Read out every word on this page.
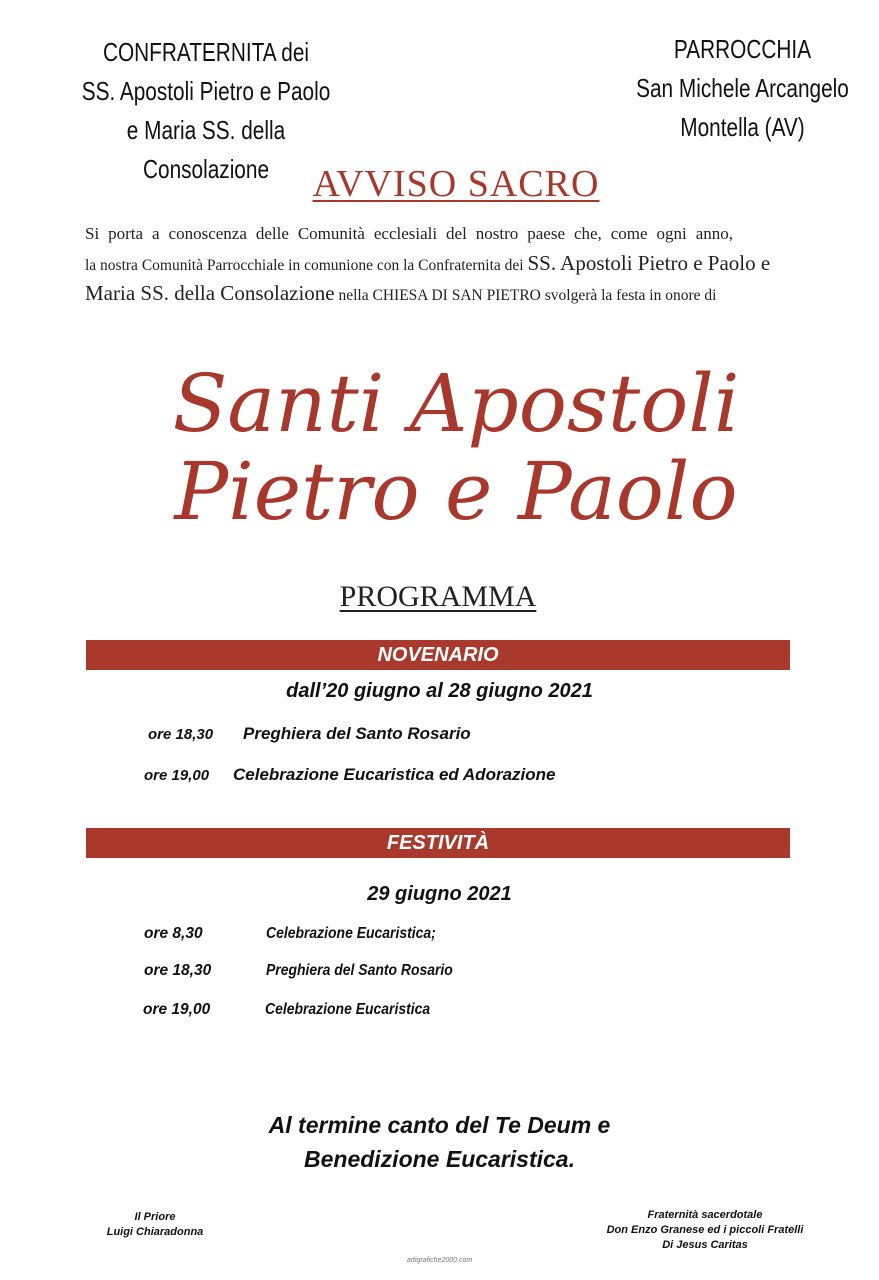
CONFRATERNITA dei
SS. Apostoli Pietro e Paolo
e Maria SS. della Consolazione
PARROCCHIA
San Michele Arcangelo
Montella (AV)
AVVISO SACRO
Si porta a conoscenza delle Comunità ecclesiali del nostro paese che, come ogni anno,
la nostra Comunità Parrocchiale in comunione con la Confraternita dei SS. Apostoli Pietro e Paolo e
Maria SS. della Consolazione nella CHIESA DI SAN PIETRO svolgerà la festa in onore di
Santi Apostoli
Pietro e Paolo
PROGRAMMA
NOVENARIO
dall’20 giugno al 28 giugno 2021
ore 18,30 Preghiera del Santo Rosario
ore 19,00 Celebrazione Eucaristica ed Adorazione
FESTIVITÀ
29 giugno 2021
ore 8,30	Celebrazione Eucaristica;
ore 18,30	Preghiera del Santo Rosario
ore 19,00	Celebrazione Eucaristica
Al termine canto del Te Deum e
Benedizione Eucaristica.
Il Priore
Luigi Chiaradonna
Fraternità sacerdotale
Don Enzo Granese ed i piccoli Fratelli
Di Jesus Caritas
artigrafiche2000.com
